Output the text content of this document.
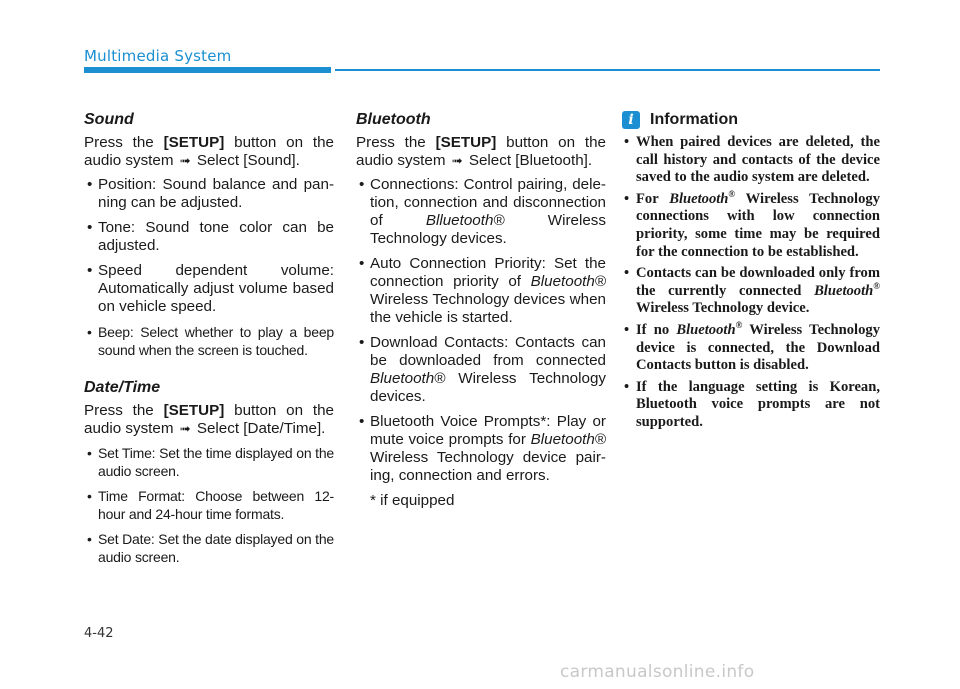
Multimedia System
Sound

Press the [SETUP] button on the audio system ➟ Select [Sound].

• Position: Sound balance and pan-ning can be adjusted.
• Tone: Sound tone color can be adjusted.
• Speed dependent volume: Automatically adjust volume based on vehicle speed.
• Beep: Select whether to play a beep sound when the screen is touched.
Date/Time

Press the [SETUP] button on the audio system ➟ Select [Date/Time].

• Set Time: Set the time displayed on the audio screen.
• Time Format: Choose between 12-hour and 24-hour time formats.
• Set Date: Set the date displayed on the audio screen.
Bluetooth

Press the [SETUP] button on the audio system ➟ Select [Bluetooth].

• Connections: Control pairing, dele-tion, connection and disconnection of Blluetooth® Wireless Technology devices.
• Auto Connection Priority: Set the connection priority of Bluetooth® Wireless Technology devices when the vehicle is started.
• Download Contacts: Contacts can be downloaded from connected Bluetooth® Wireless Technology devices.
• Bluetooth Voice Prompts*: Play or mute voice prompts for Bluetooth® Wireless Technology device pair-ing, connection and errors.
* if equipped
i	Information
• When paired devices are deleted, the call history and contacts of the device saved to the audio system are deleted.
• For Bluetooth® Wireless Technology connections with low connection priority, some time may be required for the connection to be established.
• Contacts can be downloaded only from the currently connected Bluetooth® Wireless Technology device.
• If no Bluetooth® Wireless Technology device is connected, the Download Contacts button is disabled.
• If the language setting is Korean, Bluetooth voice prompts are not supported.
4-42
carmanualsonline.info
